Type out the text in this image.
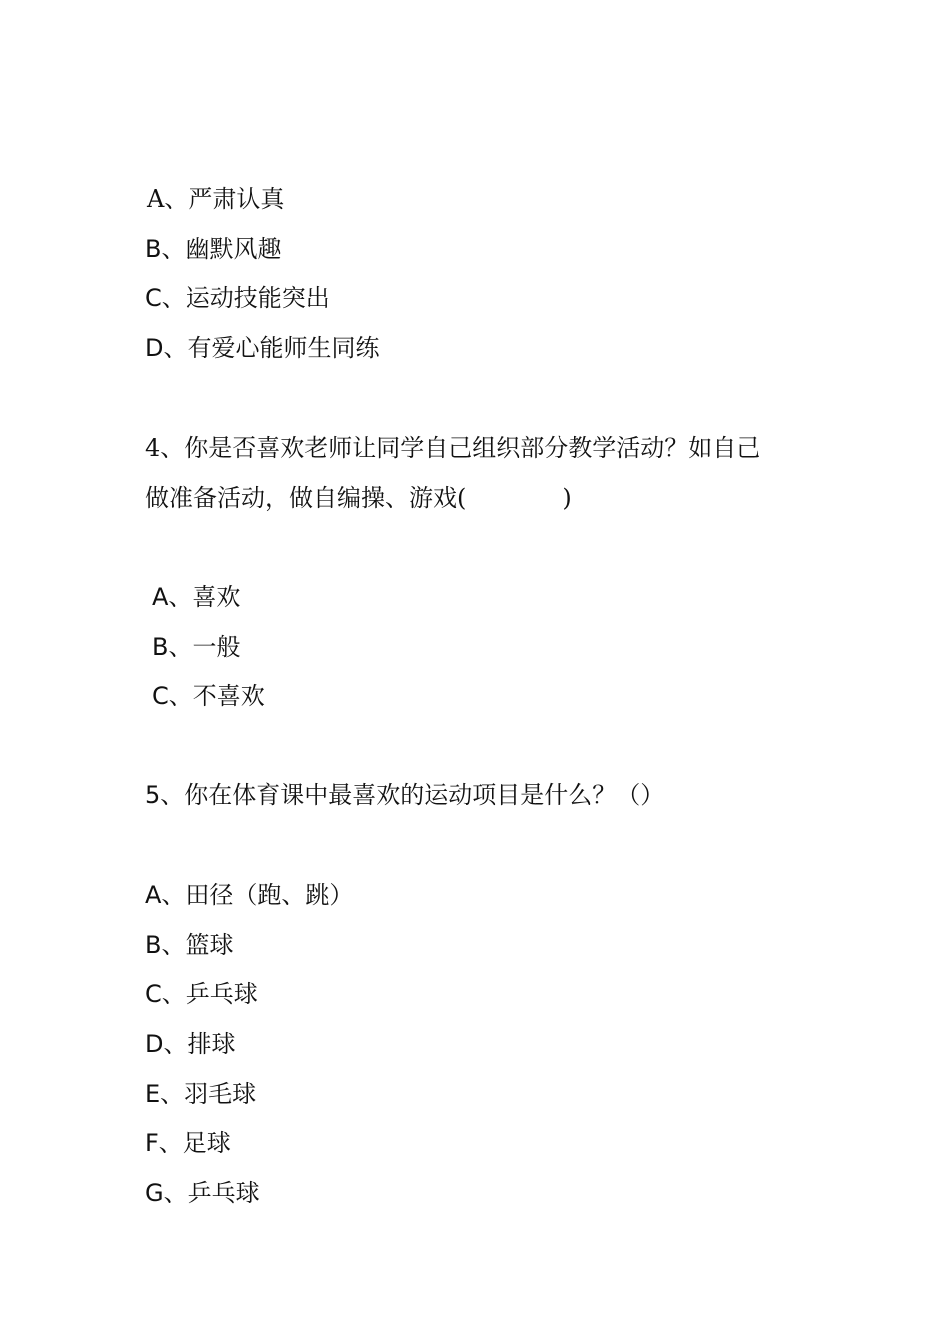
A、严肃认真
B、幽默风趣
C、运动技能突出
D、有爱心能师生同练
4、你是否喜欢老师让同学自己组织部分教学活动？如自己
做准备活动，做自编操、游戏(	)
A、喜欢
B、一般
C、不喜欢
5、你在体育课中最喜欢的运动项目是什么？（）
A、田径（跑、跳）
B、篮球
C、乒乓球
D、排球
E、羽毛球
F、足球
G、乒乓球
